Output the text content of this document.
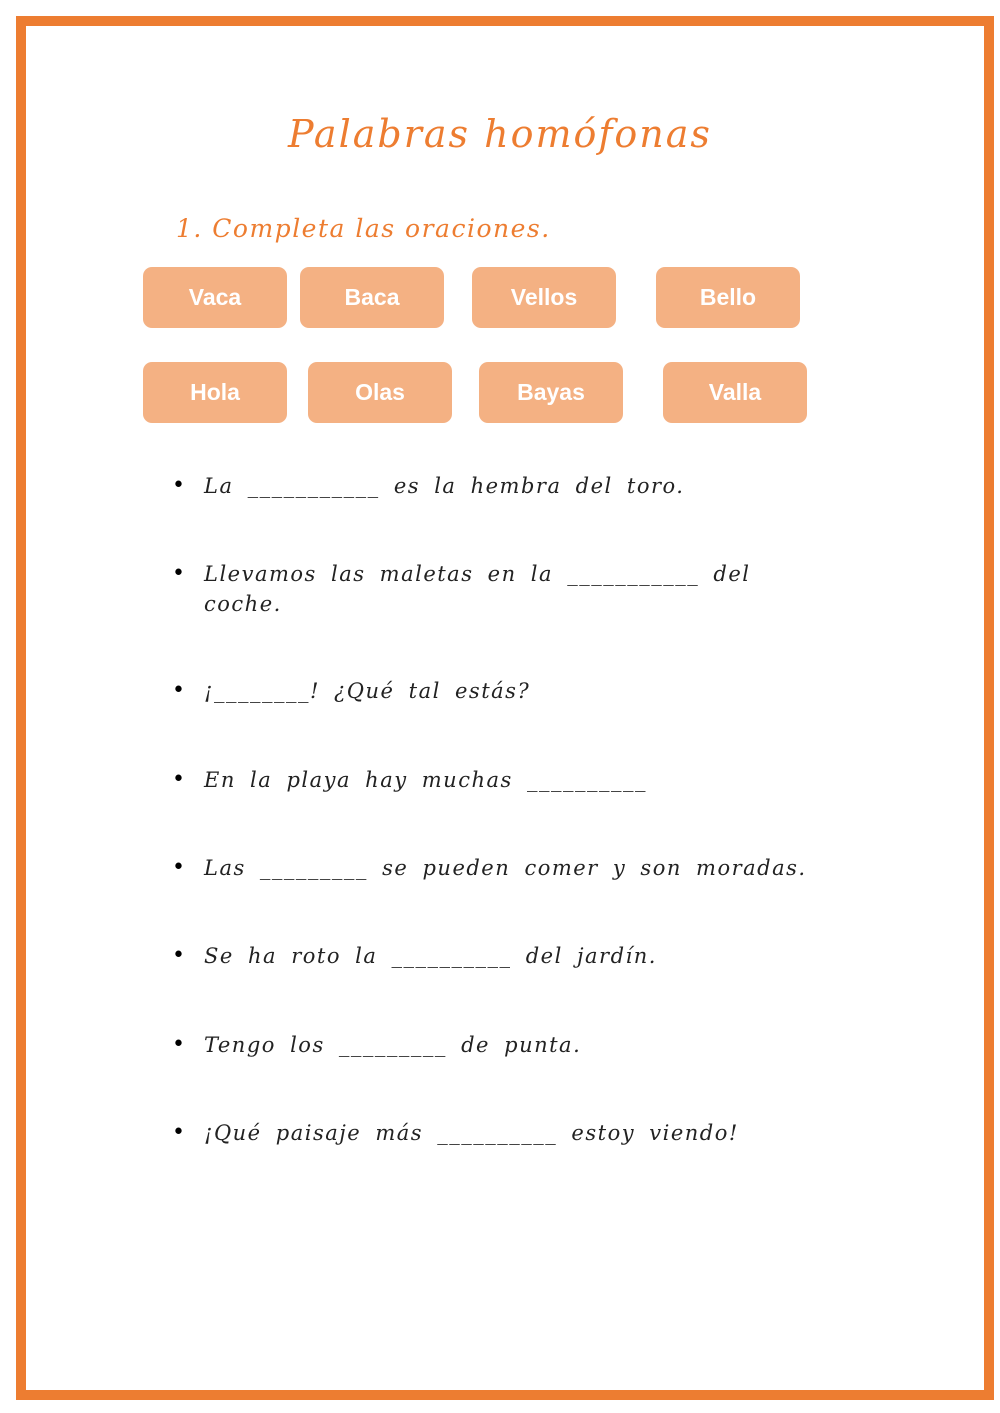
Palabras homófonas
1. Completa las oraciones.
Vaca	Baca	Vellos	Bello
Hola	Olas	Bayas	Valla
• La ___________ es la hembra del toro.
• Llevamos las maletas en la ___________ del coche.
• ¡________! ¿Qué tal estás?
• En la playa hay muchas __________
• Las _________ se pueden comer y son moradas.
• Se ha roto la __________ del jardín.
• Tengo los _________ de punta.
• ¡Qué paisaje más __________ estoy viendo!
